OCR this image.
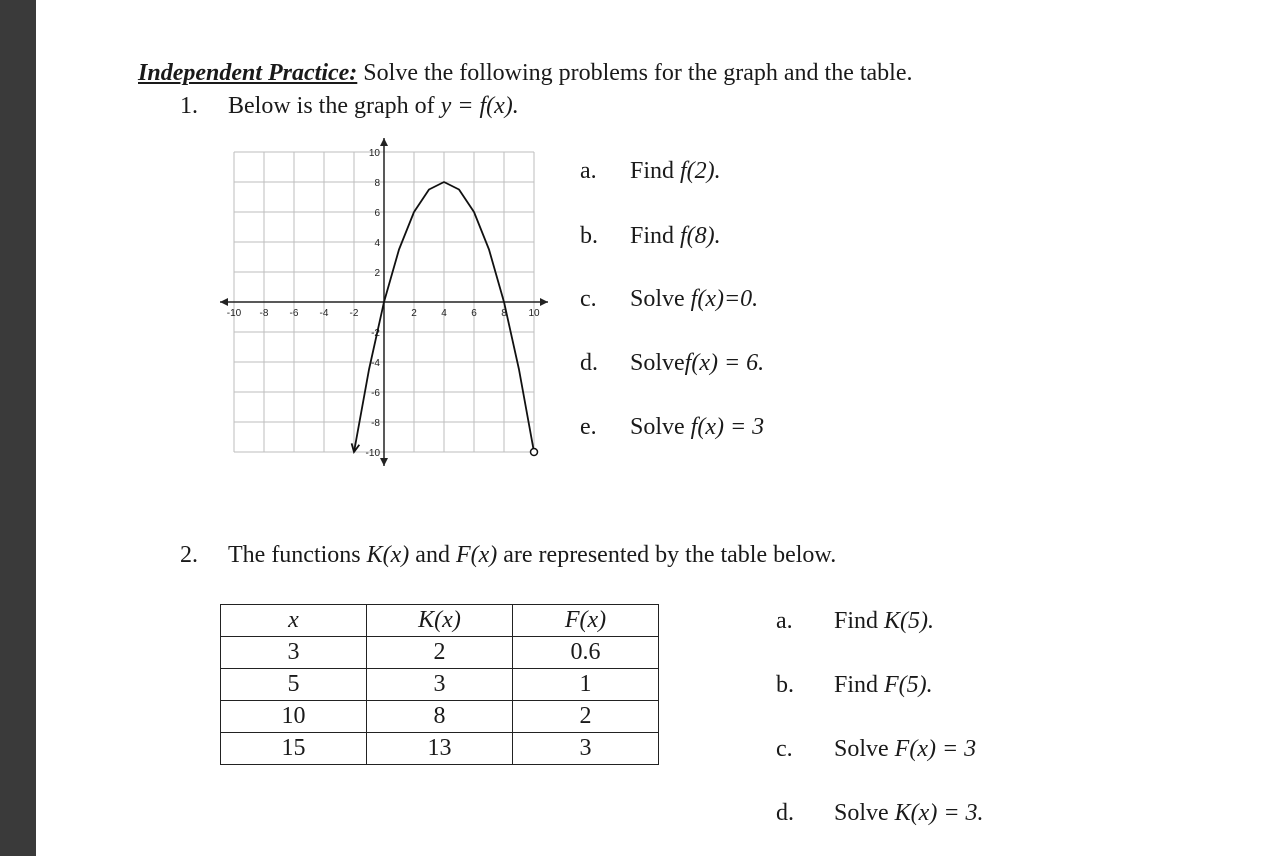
Independent Practice: Solve the following problems for the graph and the table.
1. Below is the graph of y = f(x).
-10 -8 -6 -4 -2	2 4 6 8 10
10
8
6
4
2
-2
-4
-6
-8
-10
a. Find f(2).
b. Find f(8).
c. Solve f(x)=0.
d. Solvef(x) = 6.
e. Solve f(x) = 3
2. The functions K(x) and F(x) are represented by the table below.
x	K(x)	F(x)
3	2	0.6
5	3	1
10	8	2
15	13	3
a. Find K(5).
b. Find F(5).
c. Solve F(x) = 3
d. Solve K(x) = 3.
